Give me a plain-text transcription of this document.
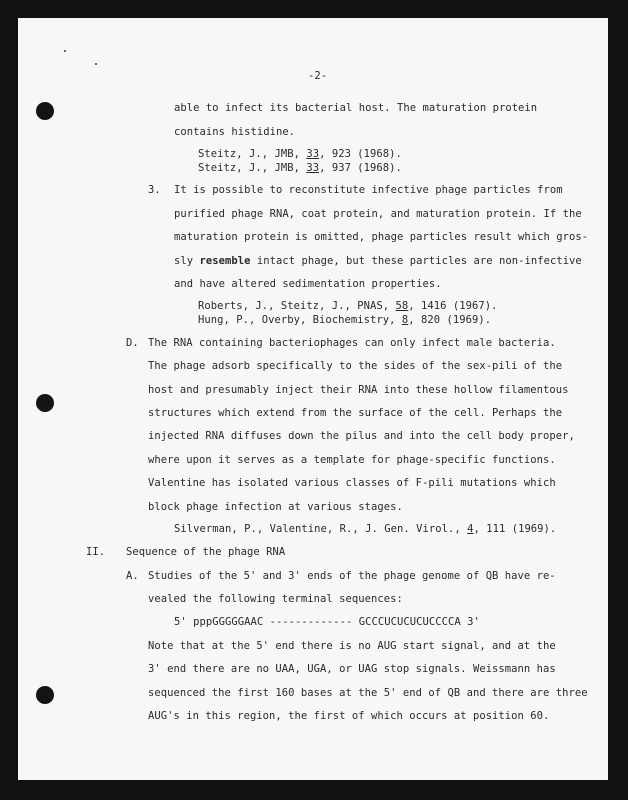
-2-
able to infect its bacterial host. The maturation protein
contains histidine.
Steitz, J., JMB, 33, 923 (1968).
Steitz, J., JMB, 33, 937 (1968).
3. It is possible to reconstitute infective phage particles from
purified phage RNA, coat protein, and maturation protein. If the
maturation protein is omitted, phage particles result which gros-
sly resemble intact phage, but these particles are non-infective
and have altered sedimentation properties.
Roberts, J., Steitz, J., PNAS, 58, 1416 (1967).
Hung, P., Overby, Biochemistry, 8, 820 (1969).
D. The RNA containing bacteriophages can only infect male bacteria.
The phage adsorb specifically to the sides of the sex-pili of the
host and presumably inject their RNA into these hollow filamentous
structures which extend from the surface of the cell. Perhaps the
injected RNA diffuses down the pilus and into the cell body proper,
where upon it serves as a template for phage-specific functions.
Valentine has isolated various classes of F-pili mutations which
block phage infection at various stages.
Silverman, P., Valentine, R., J. Gen. Virol., 4, 111 (1969).
II. Sequence of the phage RNA
A. Studies of the 5' and 3' ends of the phage genome of QB have re-
vealed the following terminal sequences:
5' pppGGGGGAAC ------------- GCCCUCUCUCUCCCCA 3'
Note that at the 5' end there is no AUG start signal, and at the
3' end there are no UAA, UGA, or UAG stop signals. Weissmann has
sequenced the first 160 bases at the 5' end of QB and there are three
AUG's in this region, the first of which occurs at position 60.
